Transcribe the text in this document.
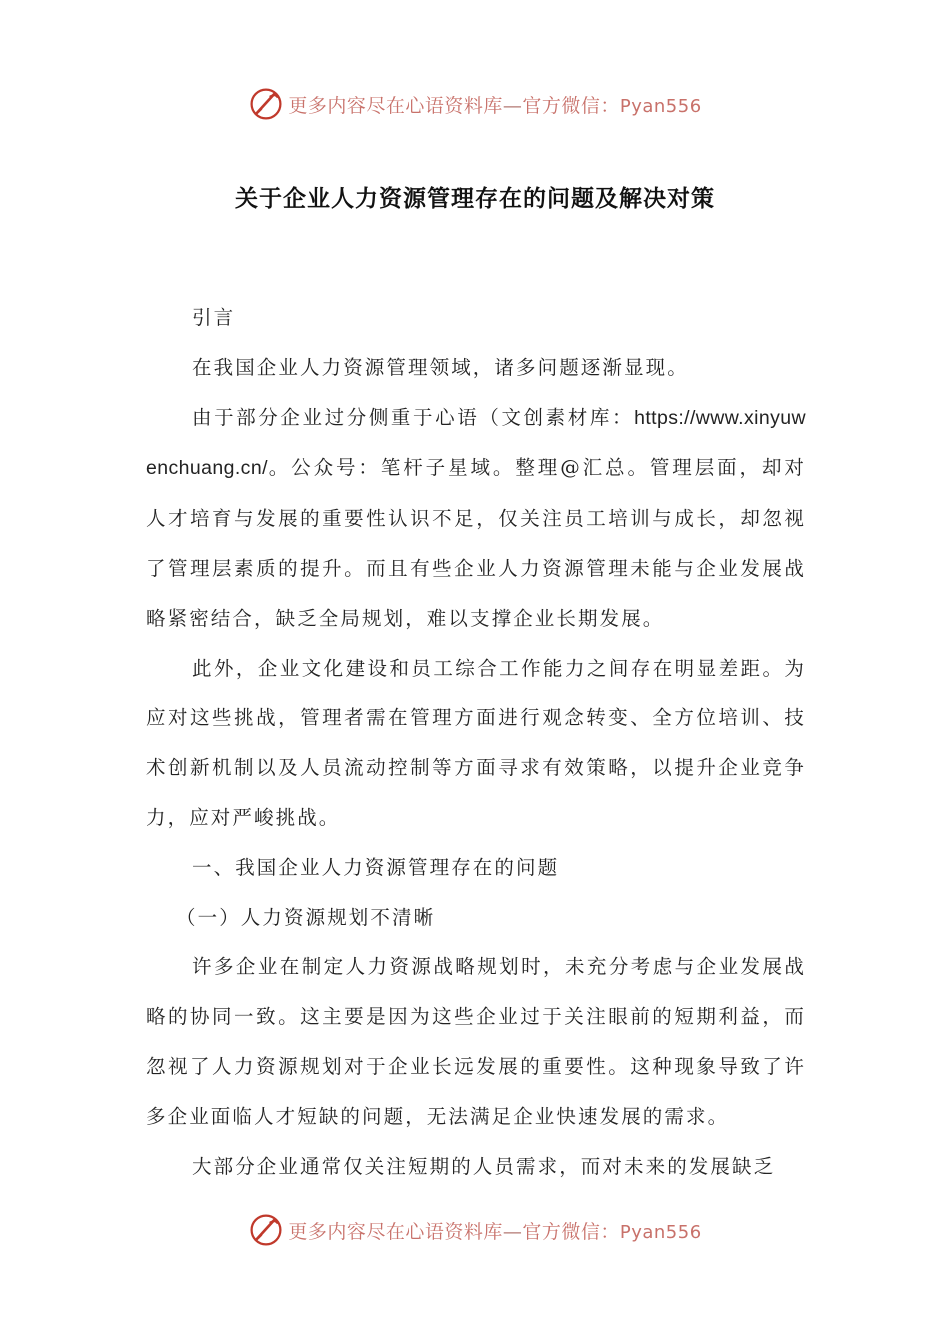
更多内容尽在心语资料库—官方微信：Pyan556
关于企业人力资源管理存在的问题及解决对策

引言

在我国企业人力资源管理领域，诸多问题逐渐显现。

由于部分企业过分侧重于心语（文创素材库：https://www.xinyuwenchuang.cn/。公众号：笔杆子星域。整理@汇总。管理层面，却对人才培育与发展的重要性认识不足，仅关注员工培训与成长，却忽视了管理层素质的提升。而且有些企业人力资源管理未能与企业发展战略紧密结合，缺乏全局规划，难以支撑企业长期发展。

此外，企业文化建设和员工综合工作能力之间存在明显差距。为应对这些挑战，管理者需在管理方面进行观念转变、全方位培训、技术创新机制以及人员流动控制等方面寻求有效策略，以提升企业竞争力，应对严峻挑战。

一、我国企业人力资源管理存在的问题

（一）人力资源规划不清晰

许多企业在制定人力资源战略规划时，未充分考虑与企业发展战略的协同一致。这主要是因为这些企业过于关注眼前的短期利益，而忽视了人力资源规划对于企业长远发展的重要性。这种现象导致了许多企业面临人才短缺的问题，无法满足企业快速发展的需求。

大部分企业通常仅关注短期的人员需求，而对未来的发展缺乏

更多内容尽在心语资料库—官方微信：Pyan556
